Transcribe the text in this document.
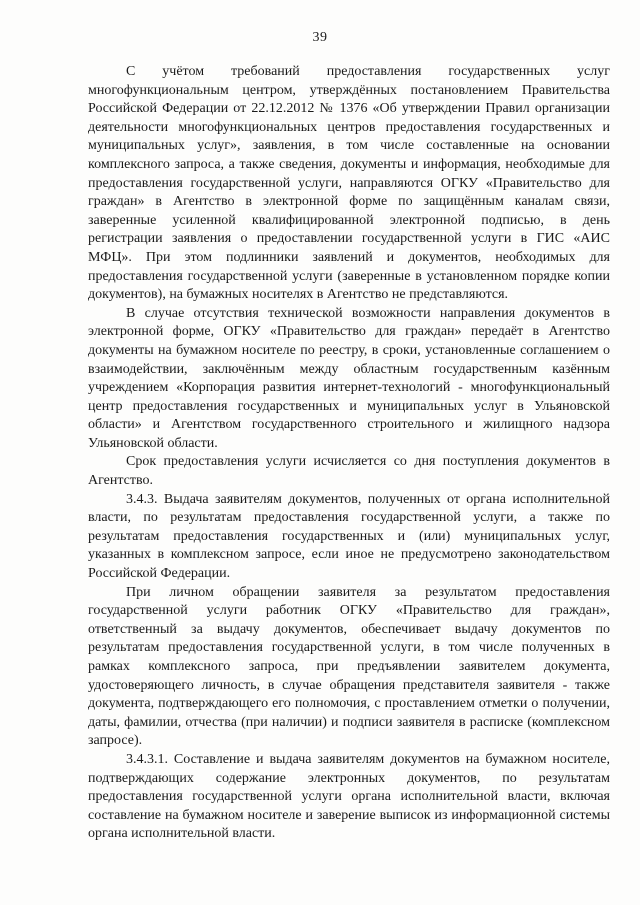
39

С учётом требований предоставления государственных услуг многофункциональным центром, утверждённых постановлением Правительства Российской Федерации от 22.12.2012 № 1376 «Об утверждении Правил организации деятельности многофункциональных центров предоставления государственных и муниципальных услуг», заявления, в том числе составленные на основании комплексного запроса, а также сведения, документы и информация, необходимые для предоставления государственной услуги, направляются ОГКУ «Правительство для граждан» в Агентство в электронной форме по защищённым каналам связи, заверенные усиленной квалифицированной электронной подписью, в день регистрации заявления о предоставлении государственной услуги в ГИС «АИС МФЦ». При этом подлинники заявлений и документов, необходимых для предоставления государственной услуги (заверенные в установленном порядке копии документов), на бумажных носителях в Агентство не представляются.

В случае отсутствия технической возможности направления документов в электронной форме, ОГКУ «Правительство для граждан» передаёт в Агентство документы на бумажном носителе по реестру, в сроки, установленные соглашением о взаимодействии, заключённым между областным государственным казённым учреждением «Корпорация развития интернет-технологий - многофункциональный центр предоставления государственных и муниципальных услуг в Ульяновской области» и Агентством государственного строительного и жилищного надзора Ульяновской области.

Срок предоставления услуги исчисляется со дня поступления документов в Агентство.

3.4.3. Выдача заявителям документов, полученных от органа исполнительной власти, по результатам предоставления государственной услуги, а также по результатам предоставления государственных и (или) муниципальных услуг, указанных в комплексном запросе, если иное не предусмотрено законодательством Российской Федерации.

При личном обращении заявителя за результатом предоставления государственной услуги работник ОГКУ «Правительство для граждан», ответственный за выдачу документов, обеспечивает выдачу документов по результатам предоставления государственной услуги, в том числе полученных в рамках комплексного запроса, при предъявлении заявителем документа, удостоверяющего личность, в случае обращения представителя заявителя - также документа, подтверждающего его полномочия, с проставлением отметки о получении, даты, фамилии, отчества (при наличии) и подписи заявителя в расписке (комплексном запросе).

3.4.3.1. Составление и выдача заявителям документов на бумажном носителе, подтверждающих содержание электронных документов, по результатам предоставления государственной услуги органа исполнительной власти, включая составление на бумажном носителе и заверение выписок из информационной системы органа исполнительной власти.
